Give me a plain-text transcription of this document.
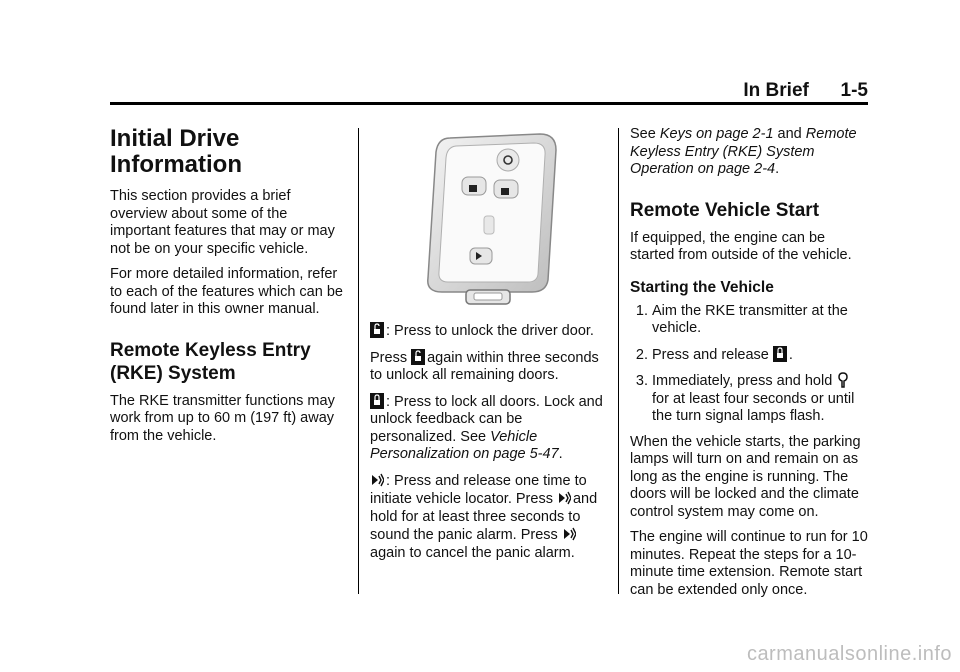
In Brief 1-5
Initial Drive
Information

This section provides a brief overview about some of the important features that may or may not be on your specific vehicle.

For more detailed information, refer to each of the features which can be found later in this owner manual.

Remote Keyless Entry
(RKE) System

The RKE transmitter functions may work from up to 60 m (197 ft) away from the vehicle.

: Press to unlock the driver door.

Press again within three seconds to unlock all remaining doors.

: Press to lock all doors. Lock and unlock feedback can be personalized. See Vehicle Personalization on page 5-47.

: Press and release one time to initiate vehicle locator. Press and hold for at least three seconds to sound the panic alarm. Press again to cancel the panic alarm.

See Keys on page 2-1 and Remote Keyless Entry (RKE) System Operation on page 2-4.

Remote Vehicle Start

If equipped, the engine can be started from outside of the vehicle.

Starting the Vehicle
1. Aim the RKE transmitter at the vehicle.
2. Press and release .
3. Immediately, press and hold  for at least four seconds or until the turn signal lamps flash.

When the vehicle starts, the parking lamps will turn on and remain on as long as the engine is running. The doors will be locked and the climate control system may come on.

The engine will continue to run for 10 minutes. Repeat the steps for a 10-minute time extension. Remote start can be extended only once.

carmanualsonline.info
